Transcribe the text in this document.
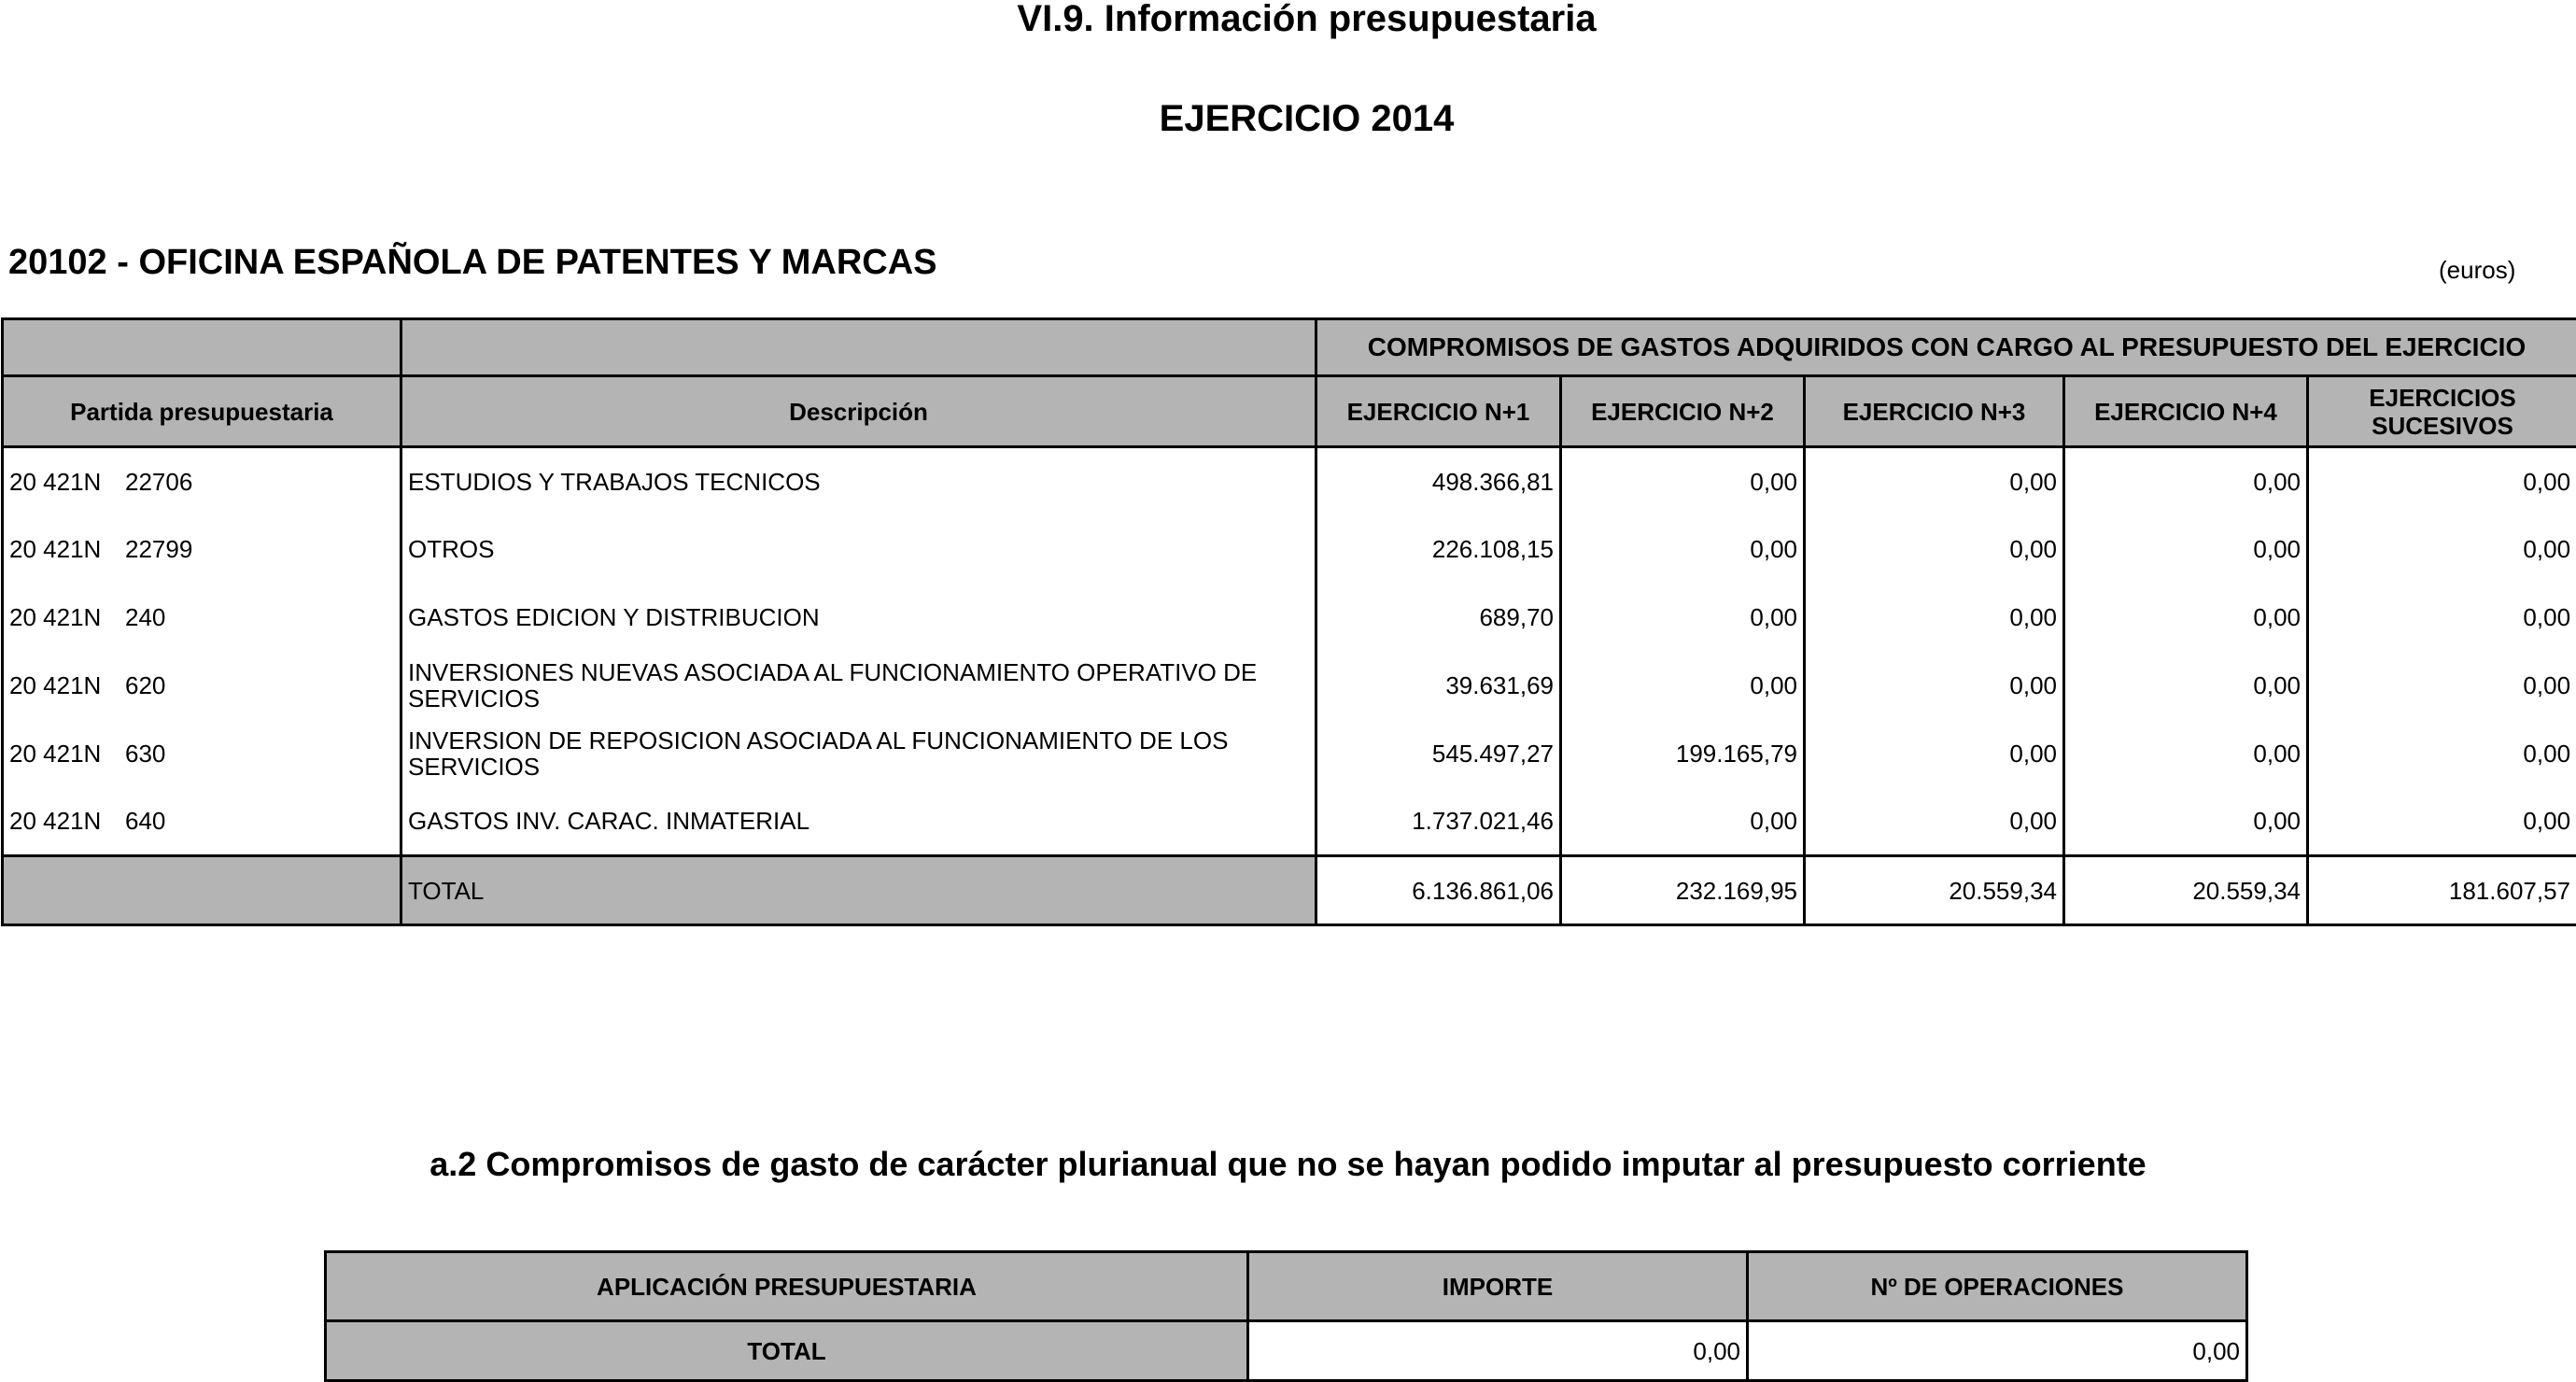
VI.9. Información presupuestaria
EJERCICIO 2014
20102 - OFICINA ESPAÑOLA DE PATENTES Y MARCAS	(euros)
		COMPROMISOS DE GASTOS ADQUIRIDOS CON CARGO AL PRESUPUESTO DEL EJERCICIO				
Partida presupuestaria	Descripción	EJERCICIO N+1	EJERCICIO N+2	EJERCICIO N+3	EJERCICIO N+4	EJERCICIOS SUCESIVOS
20 421N 22706	ESTUDIOS Y TRABAJOS TECNICOS	498.366,81	0,00	0,00	0,00	0,00
20 421N 22799	OTROS	226.108,15	0,00	0,00	0,00	0,00
20 421N 240	GASTOS EDICION Y DISTRIBUCION	689,70	0,00	0,00	0,00	0,00
20 421N 620	INVERSIONES NUEVAS ASOCIADA AL FUNCIONAMIENTO OPERATIVO DE SERVICIOS	39.631,69	0,00	0,00	0,00	0,00
20 421N 630	INVERSION DE REPOSICION ASOCIADA AL FUNCIONAMIENTO DE LOS SERVICIOS	545.497,27	199.165,79	0,00	0,00	0,00
20 421N 640	GASTOS INV. CARAC. INMATERIAL	1.737.021,46	0,00	0,00	0,00	0,00
	TOTAL	6.136.861,06	232.169,95	20.559,34	20.559,34	181.607,57
a.2 Compromisos de gasto de carácter plurianual que no se hayan podido imputar al presupuesto corriente
APLICACIÓN PRESUPUESTARIA	IMPORTE	Nº DE OPERACIONES
TOTAL	0,00	0,00
